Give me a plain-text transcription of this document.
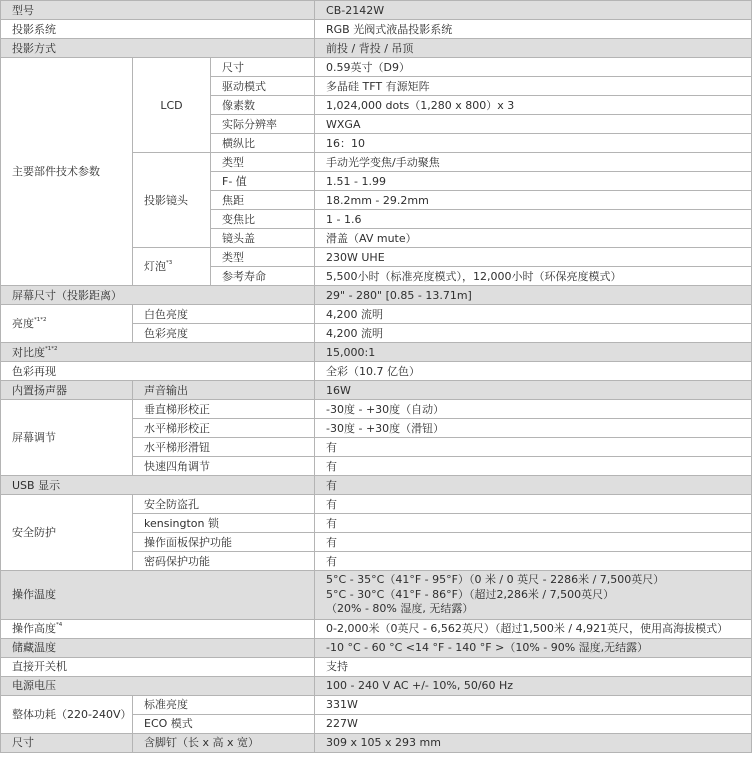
型号			CB-2142W
投影系统			RGB 光阀式液晶投影系统
投影方式			前投 / 背投 / 吊顶
主要部件技术参数	LCD	尺寸	0.59英寸（D9）
		驱动模式	多晶硅 TFT 有源矩阵
		像素数	1,024,000 dots（1,280 x 800）x 3
		实际分辨率	WXGA
		横纵比	16：10
	投影镜头	类型	手动光学变焦/手动聚焦
		F- 值	1.51 - 1.99
		焦距	18.2mm - 29.2mm
		变焦比	1 - 1.6
		镜头盖	滑盖（AV mute）
	灯泡$^{*3}$	类型	230W UHE
		参考寿命	5,500小时（标准亮度模式），12,000小时（环保亮度模式）
屏幕尺寸（投影距离）			29" - 280" [0.85 - 13.71m]
亮度$^{*1*2}$	白色亮度		4,200 流明
	色彩亮度		4,200 流明
对比度$^{*1*2}$			15,000:1
色彩再现			全彩（10.7 亿色）
内置扬声器	声音输出		16W
屏幕调节	垂直梯形校正		-30度 - +30度（自动）
	水平梯形校正		-30度 - +30度（滑钮）
	水平梯形滑钮		有
	快速四角调节		有
USB 显示			有
安全防护	安全防盗孔		有
	kensington 锁		有
	操作面板保护功能		有
	密码保护功能		有
操作温度			5°C - 35°C（41°F - 95°F）（0 米 / 0 英尺 - 2286米 / 7,500英尺）
5°C - 30°C（41°F - 86°F）（超过2,286米 / 7,500英尺）
（20% - 80% 湿度, 无结露）

操作高度$^{*4}$			0-2,000米（0英尺 - 6,562英尺）（超过1,500米 / 4,921英尺，使用高海拔模式）
储藏温度			-10 °C - 60 °C <14 °F - 140 °F >（10% - 90% 湿度,无结露）
直接开关机			支持
电源电压			100 - 240 V AC +/- 10%, 50/60 Hz
整体功耗（220-240V）	标准亮度		331W
	ECO 模式		227W
尺寸	含脚钉（长 x 高 x 宽）		309 x 105 x 293 mm
